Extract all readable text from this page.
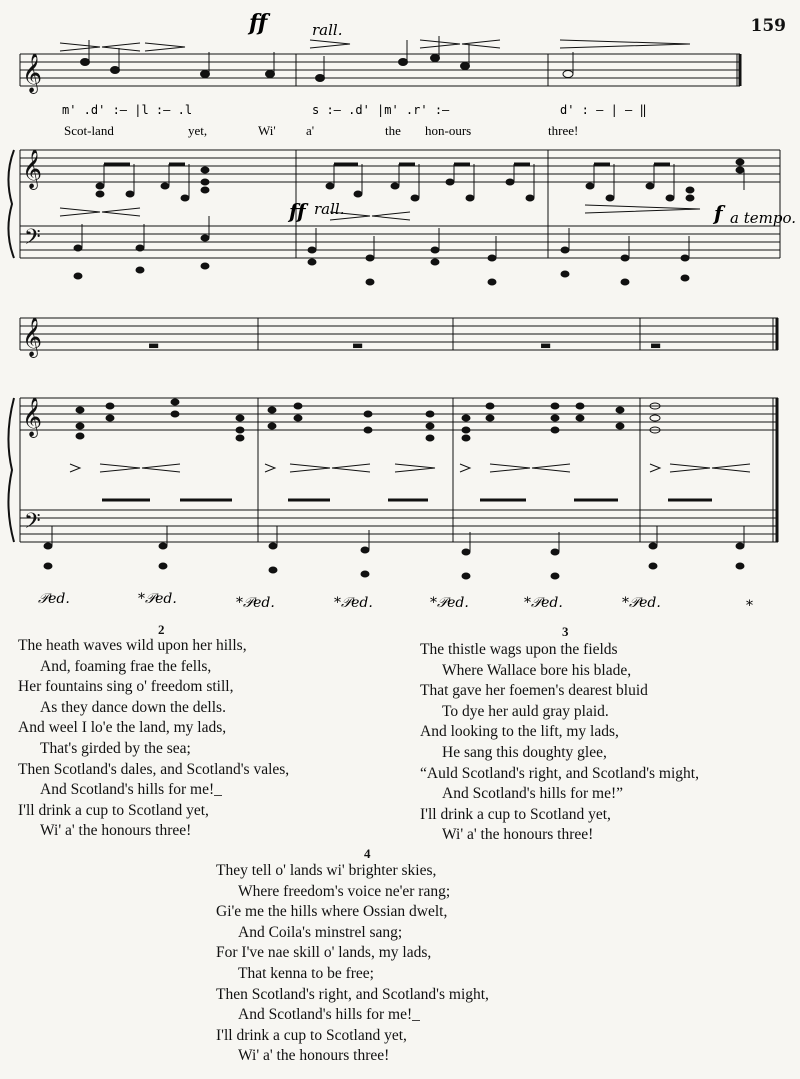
159
𝄞
𝄞
𝄢
𝄞
𝄞
𝄢
▬
▬	▬	▬
ff
ff	f
rall.
rall.	a tempo.
m' .d' :— |l :— .l	s :— .d' |m' .r' :—	d' : — | — ‖
Scot-land	yet,	Wi' a'	the hon-ours	three!
𝒫𝑒𝑑.	*𝒫𝑒𝑑.	*𝒫𝑒𝑑.	*𝒫𝑒𝑑.	*𝒫𝑒𝑑.	*𝒫𝑒𝑑.	*𝒫𝑒𝑑.	*
2
The heath waves wild upon her hills,
And, foaming frae the fells,
Her fountains sing o' freedom still,
As they dance down the dells.
And weel I lo'e the land, my lads,
That's girded by the sea;
Then Scotland's dales, and Scotland's vales,
And Scotland's hills for me!_
I'll drink a cup to Scotland yet,
Wi' a' the honours three!
3
The thistle wags upon the fields
Where Wallace bore his blade,
That gave her foemen's dearest bluid
To dye her auld gray plaid.
And looking to the lift, my lads,
He sang this doughty glee,
“Auld Scotland's right, and Scotland's might,
And Scotland's hills for me!”
I'll drink a cup to Scotland yet,
Wi' a' the honours three!
4
They tell o' lands wi' brighter skies,
Where freedom's voice ne'er rang;
Gi'e me the hills where Ossian dwelt,
And Coila's minstrel sang;
For I've nae skill o' lands, my lads,
That kenna to be free;
Then Scotland's right, and Scotland's might,
And Scotland's hills for me!_
I'll drink a cup to Scotland yet,
Wi' a' the honours three!
